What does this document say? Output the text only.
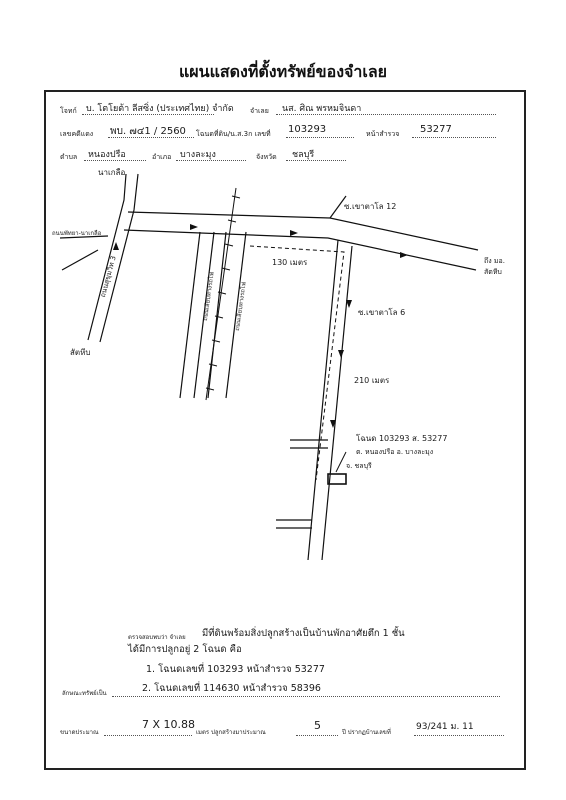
แผนแสดงที่ตั้งทรัพย์ของจำเลย
โจทก์ บ. โตโยต้า ลีสซิ่ง (ประเทศไทย) จำกัด จำเลย นส. ศิณ พรหมจินดา
เลขคดีแดง พบ. ๗๔1 / 2560 โฉนดที่ดิน/น.ส.3ก เลขที่ 103293	หน้าสำรวจ 53277
ตำบล หนองปรือ	อำเภอ บางละมุง	จังหวัด ชลบุรี
นาเกลือ
สัตหีบ
ถนนพัทยา-นาเกลือ
ถนนสุขุมวิท 3	ถนนเลียบทางรถไฟ	ถนนเลียบทางรถไฟ
ซ.เขาตาโล 12
ซ.เขาตาโล 6
130 เมตร
210 เมตร
ถึง มอ. สัตหีบ
โฉนด 103293 ส. 53277
ต. หนองปรือ อ. บางละมุง
จ. ชลบุรี
ตรวจสอบพบว่า จำเลย มีที่ดินพร้อมสิ่งปลูกสร้างเป็นบ้านพักอาศัยตึก 1 ชั้น
ได้มีการปลูกอยู่ 2 โฉนด คือ
1. โฉนดเลขที่ 103293 หน้าสำรวจ 53277
ลักษณะทรัพย์เป็น	2. โฉนดเลขที่ 114630 หน้าสำรวจ 58396
ขนาดประมาณ
7 X 10.88
เมตร ปลูกสร้างมาประมาณ
5
ปี ปรากฏบ้านเลขที่
93/241 ม. 11
